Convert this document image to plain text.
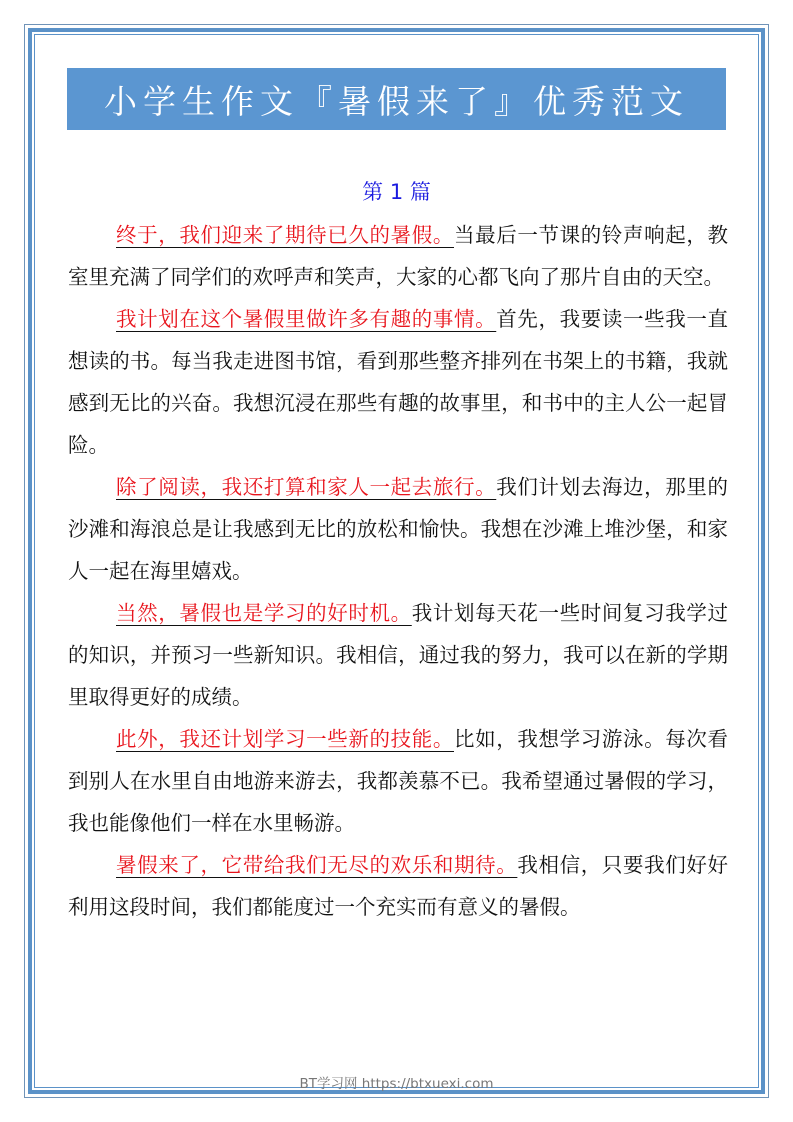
小学生作文『暑假来了』优秀范文
第 1 篇

终于，我们迎来了期待已久的暑假。当最后一节课的铃声响起，教室里充满了同学们的欢呼声和笑声，大家的心都飞向了那片自由的天空。

我计划在这个暑假里做许多有趣的事情。首先，我要读一些我一直想读的书。每当我走进图书馆，看到那些整齐排列在书架上的书籍，我就感到无比的兴奋。我想沉浸在那些有趣的故事里，和书中的主人公一起冒险。

除了阅读，我还打算和家人一起去旅行。我们计划去海边，那里的沙滩和海浪总是让我感到无比的放松和愉快。我想在沙滩上堆沙堡，和家人一起在海里嬉戏。

当然，暑假也是学习的好时机。我计划每天花一些时间复习我学过的知识，并预习一些新知识。我相信，通过我的努力，我可以在新的学期里取得更好的成绩。

此外，我还计划学习一些新的技能。比如，我想学习游泳。每次看到别人在水里自由地游来游去，我都羡慕不已。我希望通过暑假的学习，我也能像他们一样在水里畅游。

暑假来了，它带给我们无尽的欢乐和期待。我相信，只要我们好好利用这段时间，我们都能度过一个充实而有意义的暑假。

BT学习网 https://btxuexi.com
